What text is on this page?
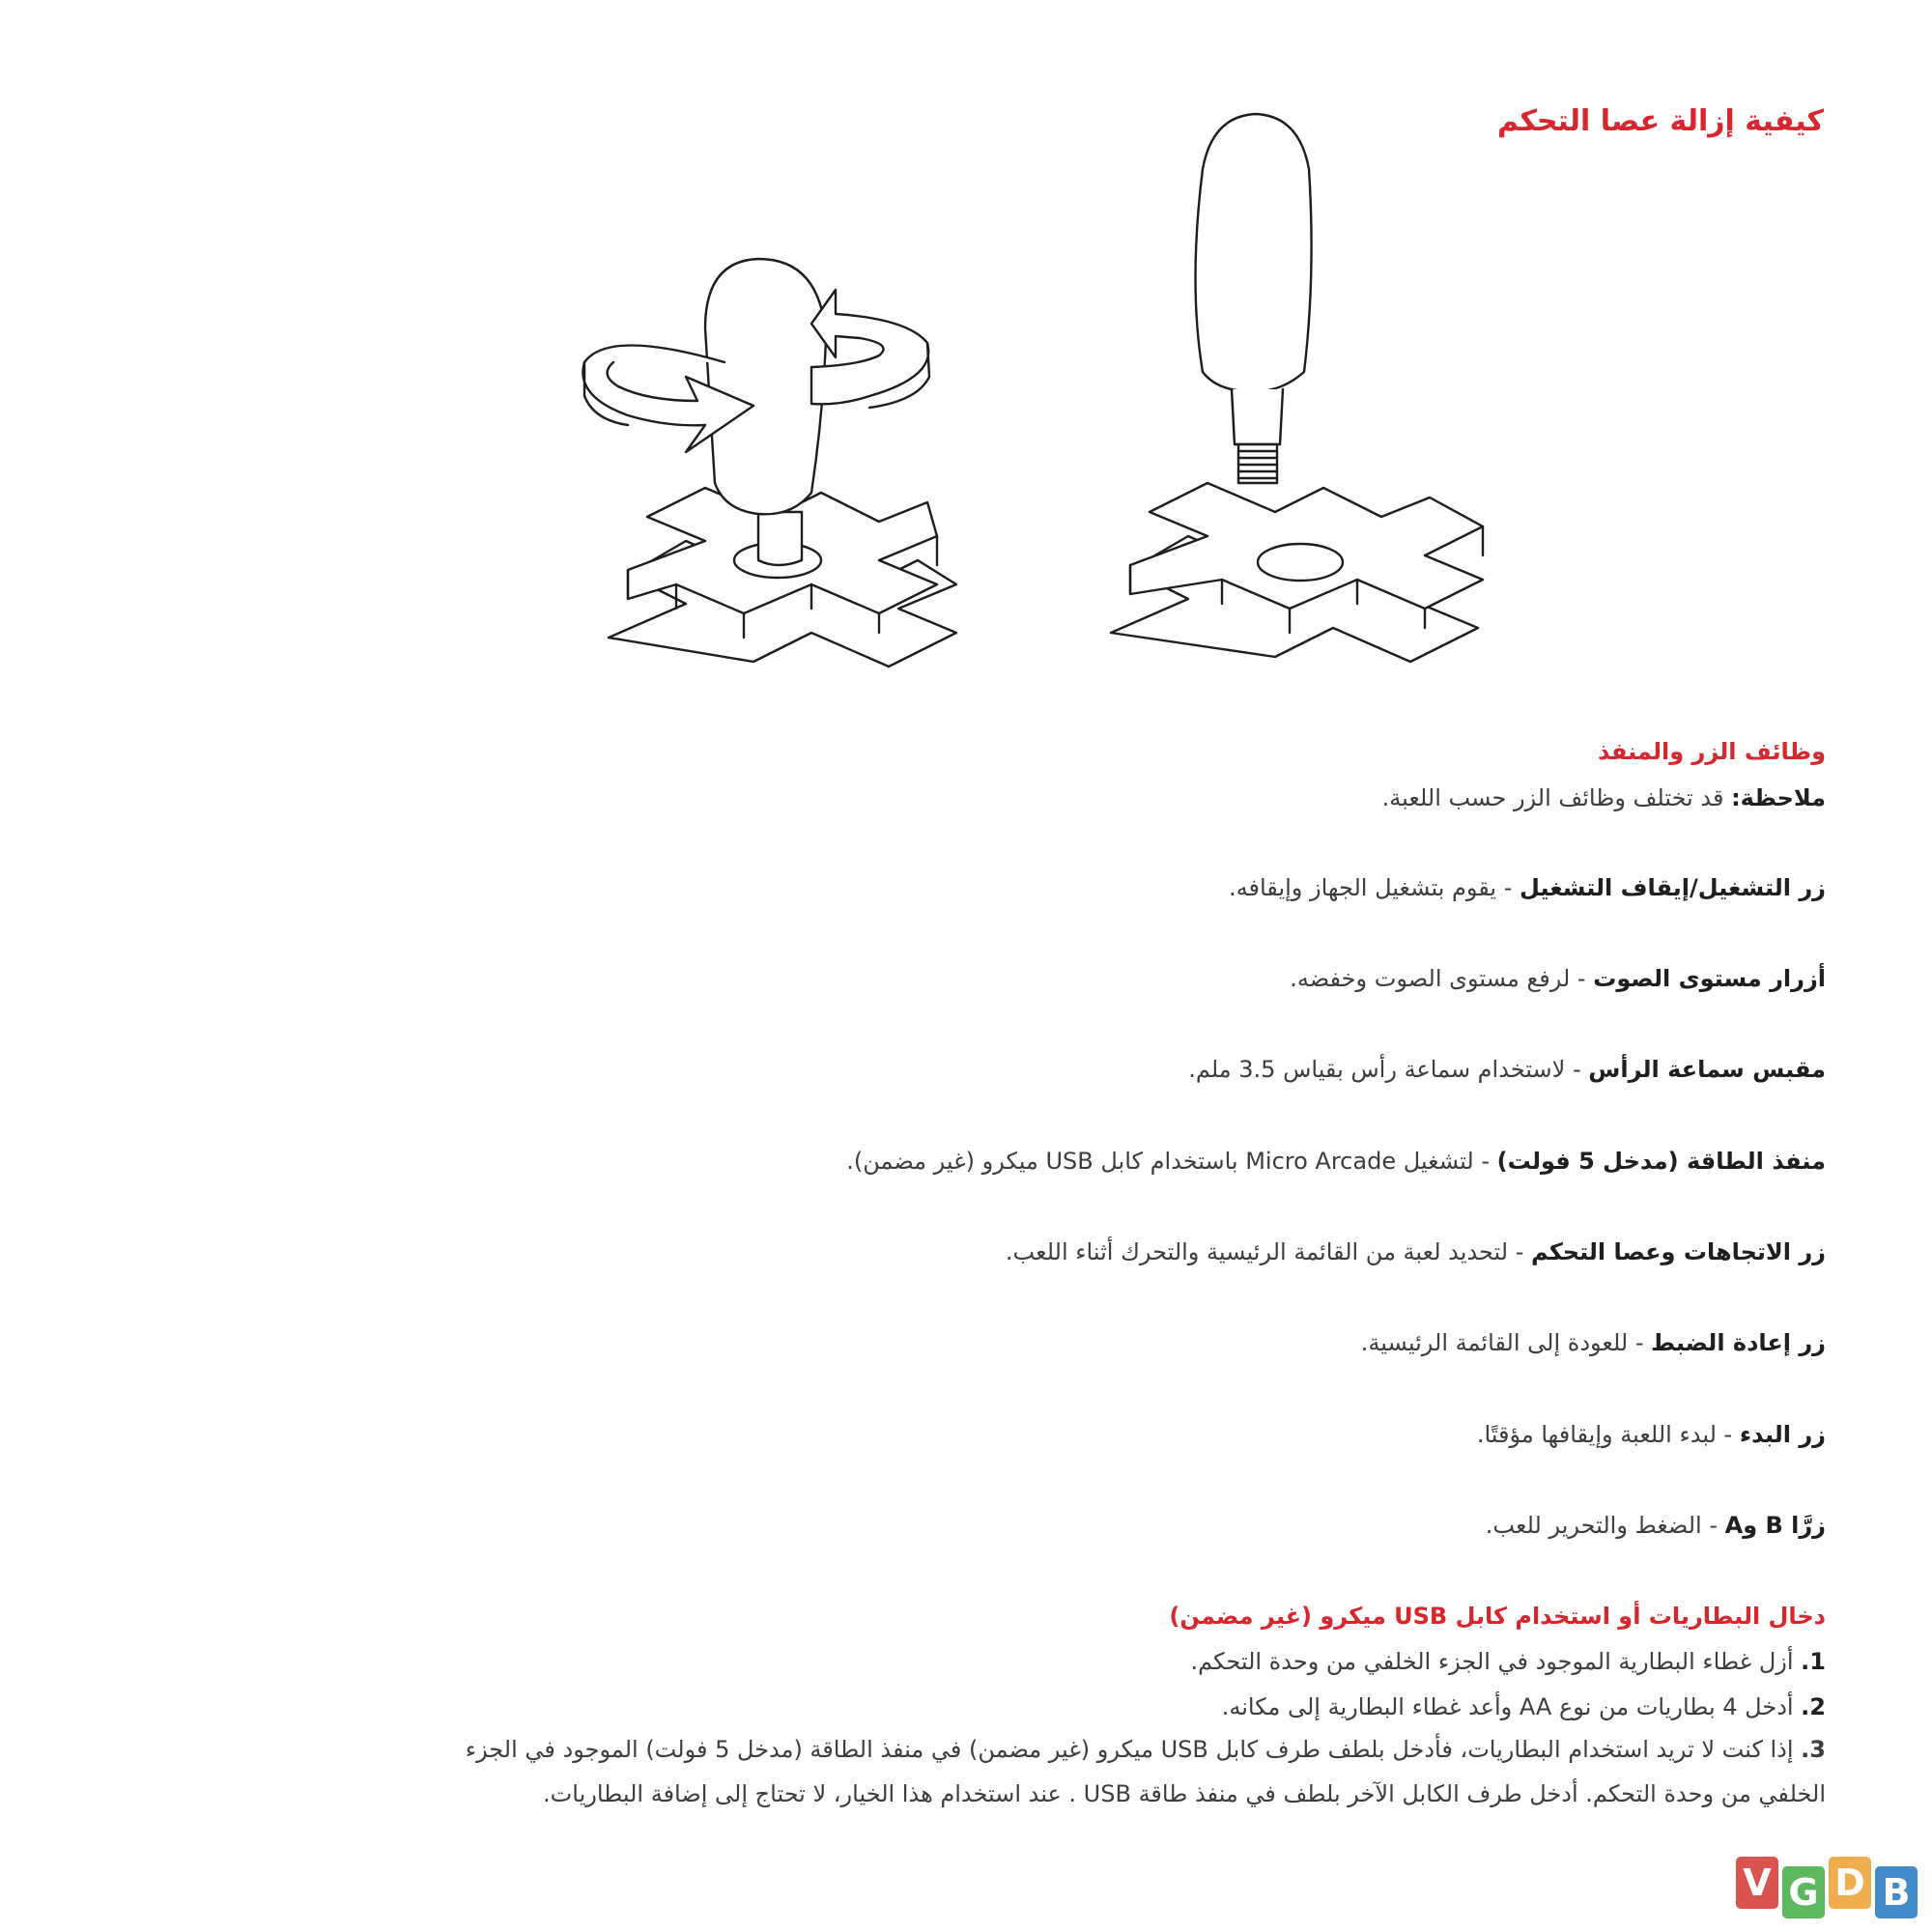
كيفية إزالة عصا التحكم
وظائف الزر والمنفذ
ملاحظة: قد تختلف وظائف الزر حسب اللعبة.
زر التشغيل/إيقاف التشغيل - يقوم بتشغيل الجهاز وإيقافه.
أزرار مستوى الصوت - لرفع مستوى الصوت وخفضه.
مقبس سماعة الرأس - لاستخدام سماعة رأس بقياس 3.5 ملم.
منفذ الطاقة (مدخل 5 فولت) - لتشغيل Micro Arcade باستخدام كابل USB ميكرو (غير مضمن).
زر الاتجاهات وعصا التحكم - لتحديد لعبة من القائمة الرئيسية والتحرك أثناء اللعب.
زر إعادة الضبط - للعودة إلى القائمة الرئيسية.
زر البدء - لبدء اللعبة وإيقافها مؤقتًا.
زرَّا B وA - الضغط والتحرير للعب.
دخال البطاريات أو استخدام كابل USB ميكرو (غير مضمن)
1. أزل غطاء البطارية الموجود في الجزء الخلفي من وحدة التحكم.
2. أدخل 4 بطاريات من نوع AA وأعد غطاء البطارية إلى مكانه.
3. إذا كنت لا تريد استخدام البطاريات، فأدخل بلطف طرف كابل USB ميكرو (غير مضمن) في منفذ الطاقة (مدخل 5 فولت) الموجود في الجزء الخلفي من وحدة التحكم. أدخل طرف الكابل الآخر بلطف في منفذ طاقة USB . عند استخدام هذا الخيار، لا تحتاج إلى إضافة البطاريات.
V G D B
